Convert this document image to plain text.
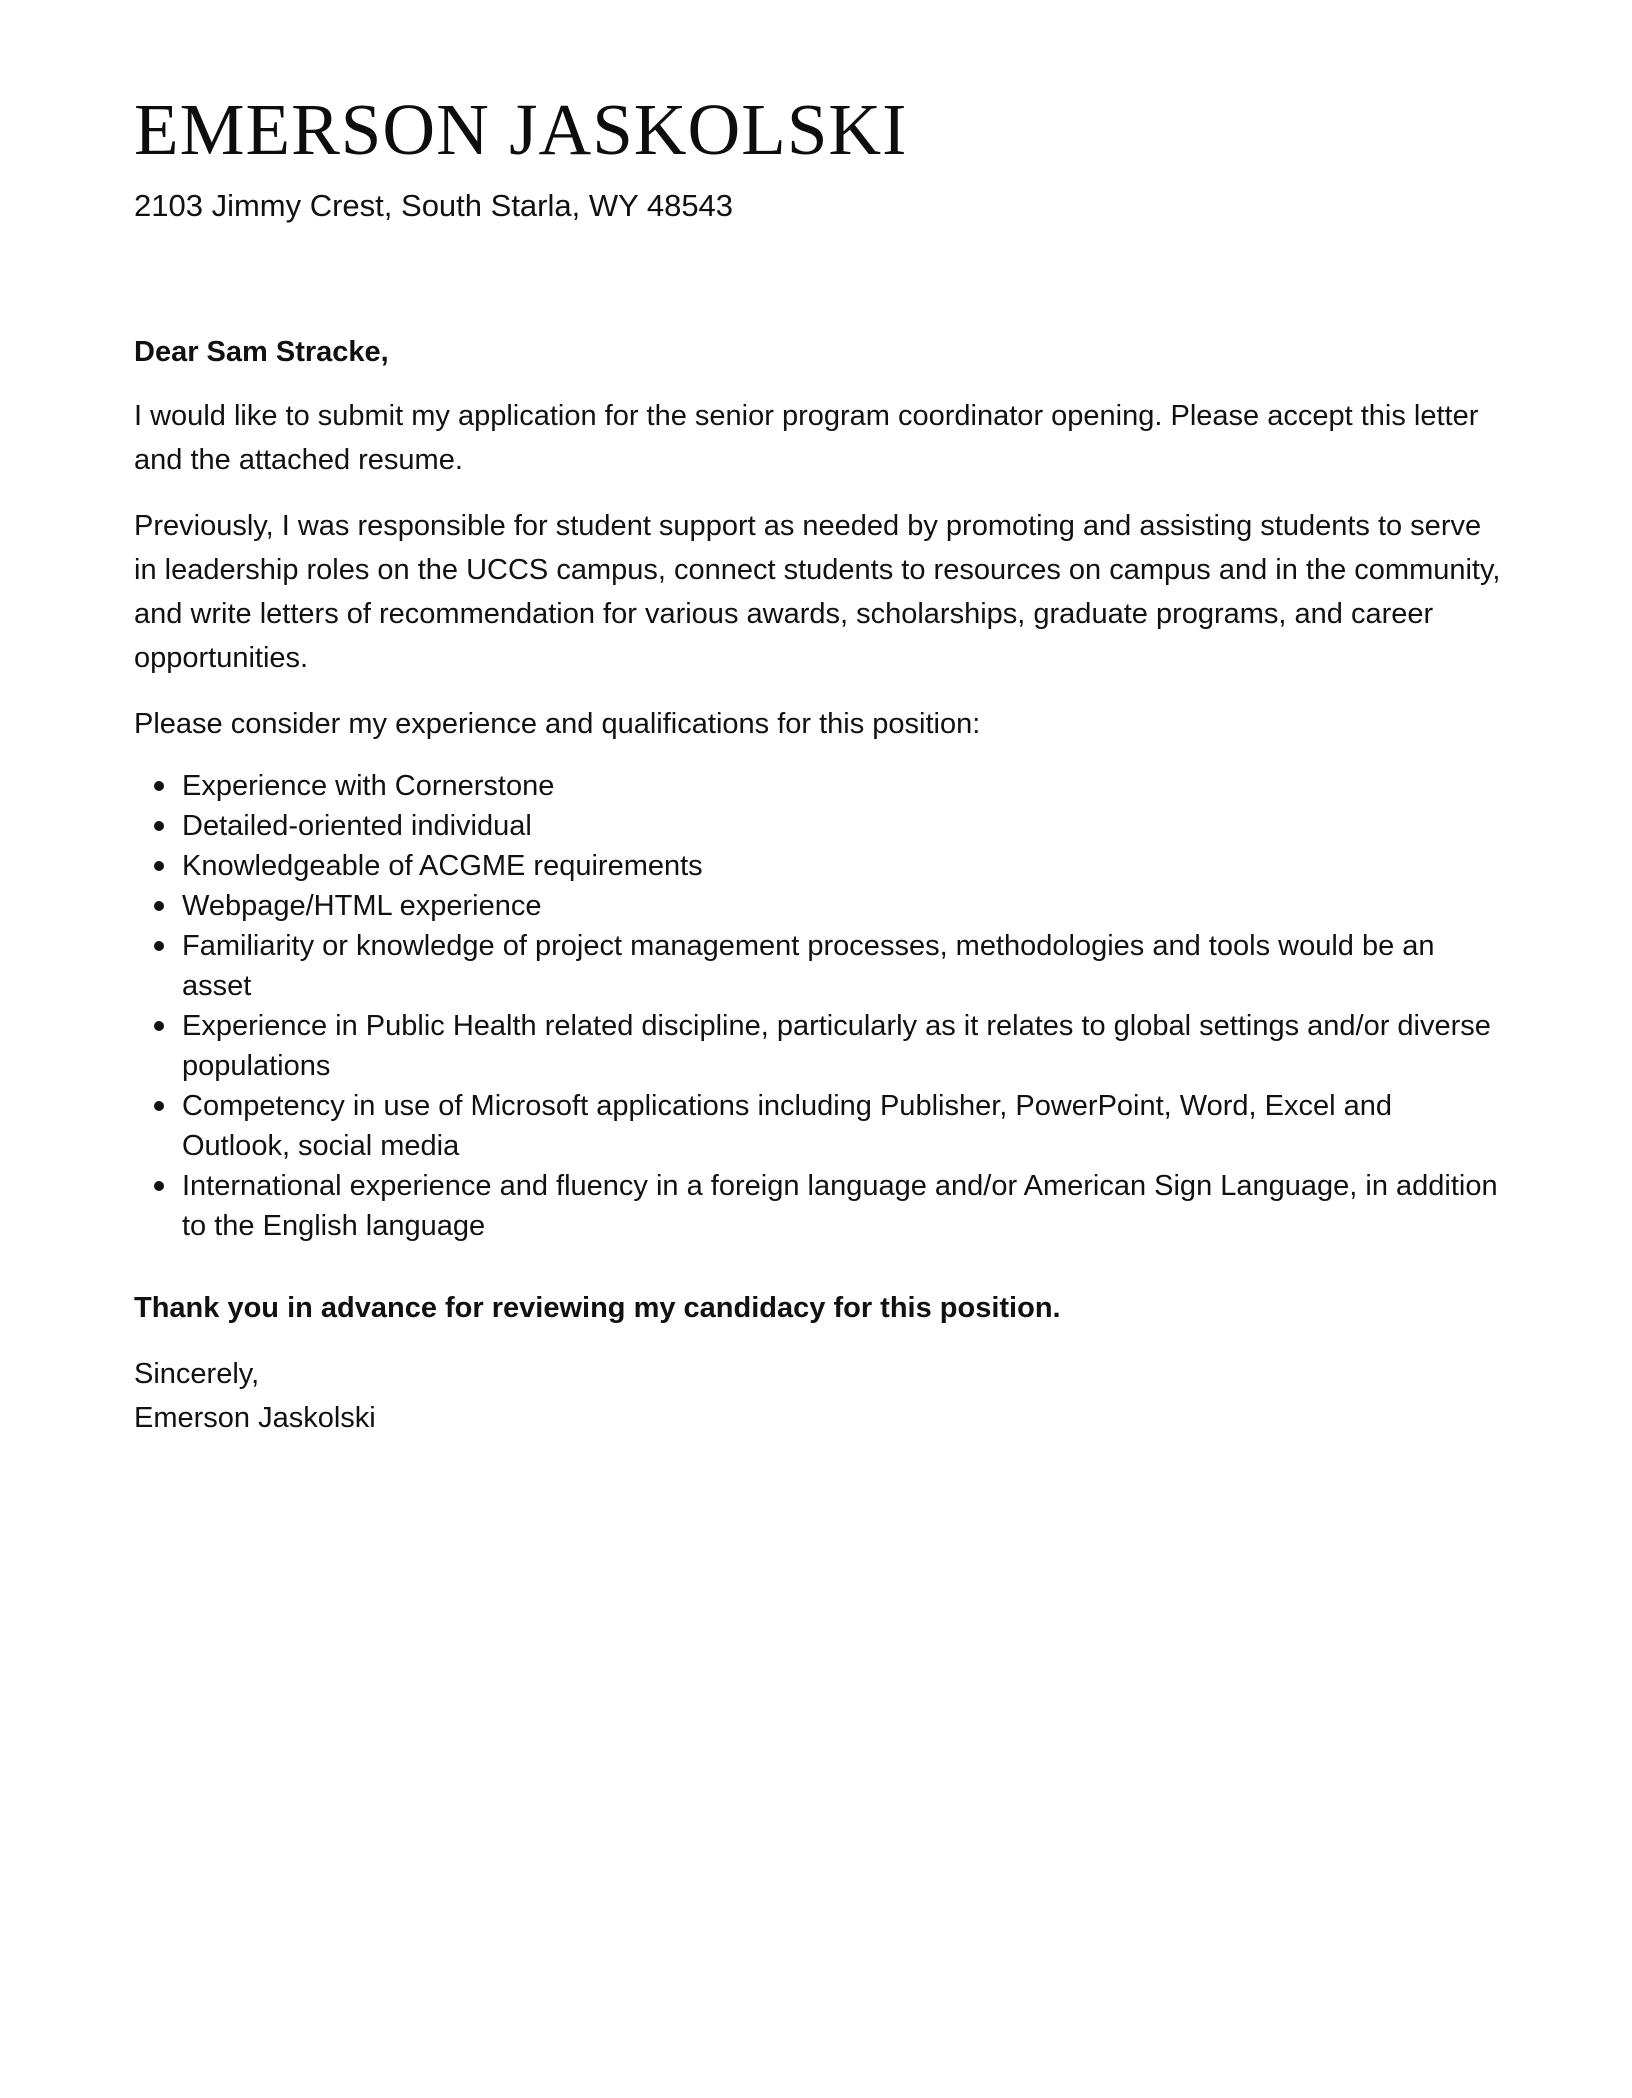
EMERSON JASKOLSKI
2103 Jimmy Crest, South Starla, WY 48543
Dear Sam Stracke,

I would like to submit my application for the senior program coordinator opening. Please accept this letter and the attached resume.

Previously, I was responsible for student support as needed by promoting and assisting students to serve in leadership roles on the UCCS campus, connect students to resources on campus and in the community, and write letters of recommendation for various awards, scholarships, graduate programs, and career opportunities.

Please consider my experience and qualifications for this position:

Experience with Cornerstone
Detailed-oriented individual
Knowledgeable of ACGME requirements
Webpage/HTML experience
Familiarity or knowledge of project management processes, methodologies and tools would be an asset
Experience in Public Health related discipline, particularly as it relates to global settings and/or diverse populations
Competency in use of Microsoft applications including Publisher, PowerPoint, Word, Excel and Outlook, social media
International experience and fluency in a foreign language and/or American Sign Language, in addition to the English language

Thank you in advance for reviewing my candidacy for this position.

Sincerely,
Emerson Jaskolski
